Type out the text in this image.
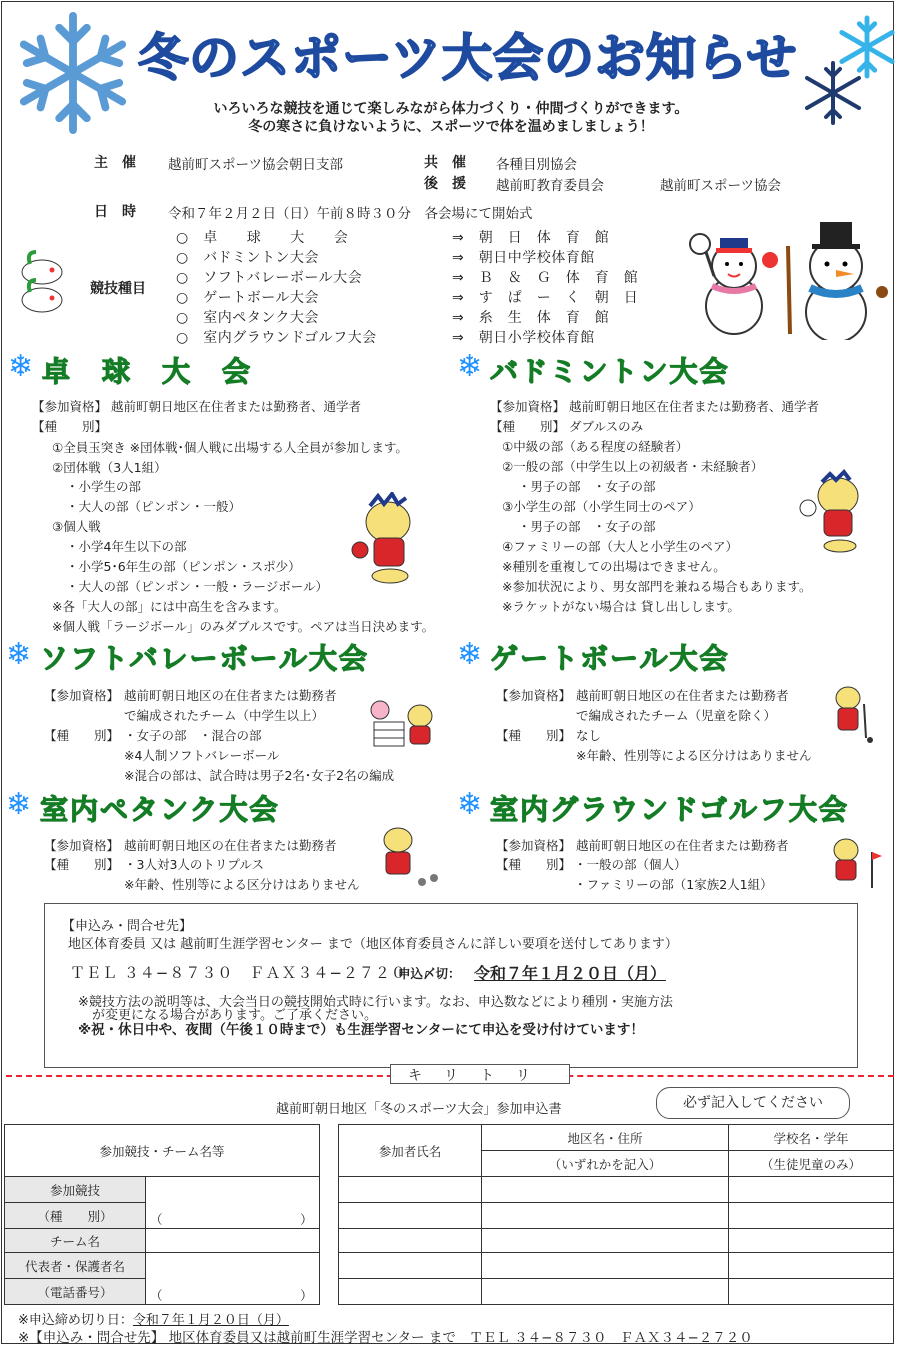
冬のスポーツ大会のお知らせ
いろいろな競技を通じて楽しみながら体力づくり・仲間づくりができます。
冬の寒さに負けないように、スポーツで体を温めましましょう！
主　催 越前町スポーツ協会朝日支部	共　催 各種目別協会
後　援 越前町教育委員会	越前町スポーツ協会
日　時 令和７年２月２日（日）午前８時３０分　各会場にて開始式
競技種目
○　卓　　球　　大　　会	⇒　朝　日　体　育　館
○　バドミントン大会	⇒　朝日中学校体育館
○　ソフトバレーボール大会	⇒　Ｂ　＆　Ｇ　体　育　館
○　ゲートボール大会	⇒　す　ぱ　ー　く　朝　日
○　室内ペタンク大会	⇒　糸　生　体　育　館
○　室内グラウンドゴルフ大会	⇒　朝日小学校体育館
❄ 卓　球　大　会	❄ バドミントン大会
【参加資格】 越前町朝日地区在住者または勤務者、通学者
【種　　別】
①全員玉突き ※団体戦･個人戦に出場する人全員が参加します。
②団体戦（3人1組）
・小学生の部
・大人の部（ピンポン・一般）
③個人戦
・小学4年生以下の部
・小学5･6年生の部（ピンポン・スポ少）
・大人の部（ピンポン・一般・ラージボール）
※各「大人の部」には中高生を含みます。
※個人戦「ラージボール」のみダブルスです。ペアは当日決めます。
【参加資格】 越前町朝日地区在住者または勤務者、通学者
【種　　別】 ダブルスのみ
①中級の部（ある程度の経験者）
②一般の部（中学生以上の初級者・未経験者）
・男子の部　・女子の部
③小学生の部（小学生同士のペア）
・男子の部　・女子の部
④ファミリーの部（大人と小学生のペア）
※種別を重複しての出場はできません。
※参加状況により、男女部門を兼ねる場合もあります。
※ラケットがない場合は 貸し出しします。
❄ ソフトバレーボール大会	❄ ゲートボール大会
【参加資格】 越前町朝日地区の在住者または勤務者
で編成されたチーム（中学生以上）
【種　　別】 ・女子の部　・混合の部
※4人制ソフトバレーボール
※混合の部は、試合時は男子2名･女子2名の編成
【参加資格】 越前町朝日地区の在住者または勤務者
で編成されたチーム（児童を除く）
【種　　別】 なし
※年齢、性別等による区分けはありません
❄ 室内ペタンク大会	❄ 室内グラウンドゴルフ大会
【参加資格】 越前町朝日地区の在住者または勤務者
【種　　別】 ・3人対3人のトリプルス
※年齢、性別等による区分けはありません
【参加資格】 越前町朝日地区の在住者または勤務者
【種　　別】 ・一般の部（個人）
・ファミリーの部（1家族2人1組）
【申込み・問合せ先】
地区体育委員 又は 越前町生涯学習センター まで（地区体育委員さんに詳しい要項を送付してあります）
ＴＥＬ ３４−８７３０　ＦＡＸ３４−２７２０
申込〆切： 令和７年１月２０日（月）
※競技方法の説明等は、大会当日の競技開始式時に行います。なお、申込数などにより種別・実施方法
が変更になる場合があります。ご了承ください。
※祝・休日中や、夜間（午後１０時まで）も生涯学習センターにて申込を受け付けています！
キリトリ
越前町朝日地区「冬のスポーツ大会」参加申込書	必ず記入してください
参加競技・チーム名等	
参加競技	（ ）
（種　　別）	
チーム名	
代表者・保護者名	（ ）
（電話番号）	
参加者氏名	地区名・住所	学校名・学年
	（いずれかを記入）	（生徒児童のみ）

※申込締め切り日：令和７年１月２０日（月）
※【申込み・問合せ先】 地区体育委員又は越前町生涯学習センター まで　ＴＥＬ ３４−８７３０　ＦＡＸ３４−２７２０
